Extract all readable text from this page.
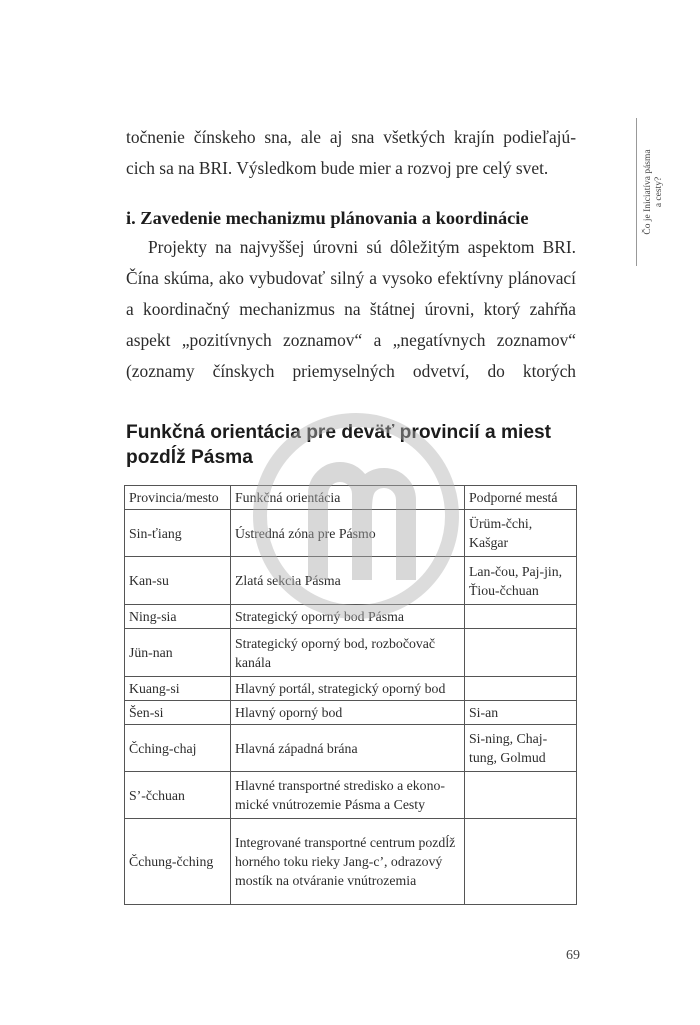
Čo je Iniciatíva pásma a cesty?

točnenie čínskeho sna, ale aj sna všetkých krajín podieľajú-

cich sa na BRI. Výsledkom bude mier a rozvoj pre celý svet.

i. Zavedenie mechanizmu plánovania a koordinácie

Projekty na najvyššej úrovni sú dôležitým aspektom BRI.

Čína skúma, ako vybudovať silný a vysoko efektívny plánovací

a koordinačný mechanizmus na štátnej úrovni, ktorý zahŕňa

aspekt „pozitívnych zoznamov“ a „negatívnych zoznamov“

(zoznamy čínskych priemyselných odvetví, do ktorých

Funkčná orientácia pre deväť provincií a miest pozdĺž Pásma
Provincia/mesto	Funkčná orientácia	Podporné mestá
Sin-ťiang	Ústredná zóna pre Pásmo	Ürüm-čchi, Kašgar
Kan-su	Zlatá sekcia Pásma	Lan-čou, Paj-jin, Ťiou-čchuan
Ning-sia	Strategický oporný bod Pásma	
Jün-nan	Strategický oporný bod, rozbočovač kanála	
Kuang-si	Hlavný portál, strategický oporný bod	
Šen-si	Hlavný oporný bod	Si-an
Čching-chaj	Hlavná západná brána	Si-ning, Chaj-tung, Golmud
S’-čchuan	Hlavné transportné stredisko a ekono-mické vnútrozemie Pásma a Cesty	
Čchung-čching	Integrované transportné centrum pozdĺž horného toku rieky Jang-c’, odrazový mostík na otváranie vnútrozemia	
69
